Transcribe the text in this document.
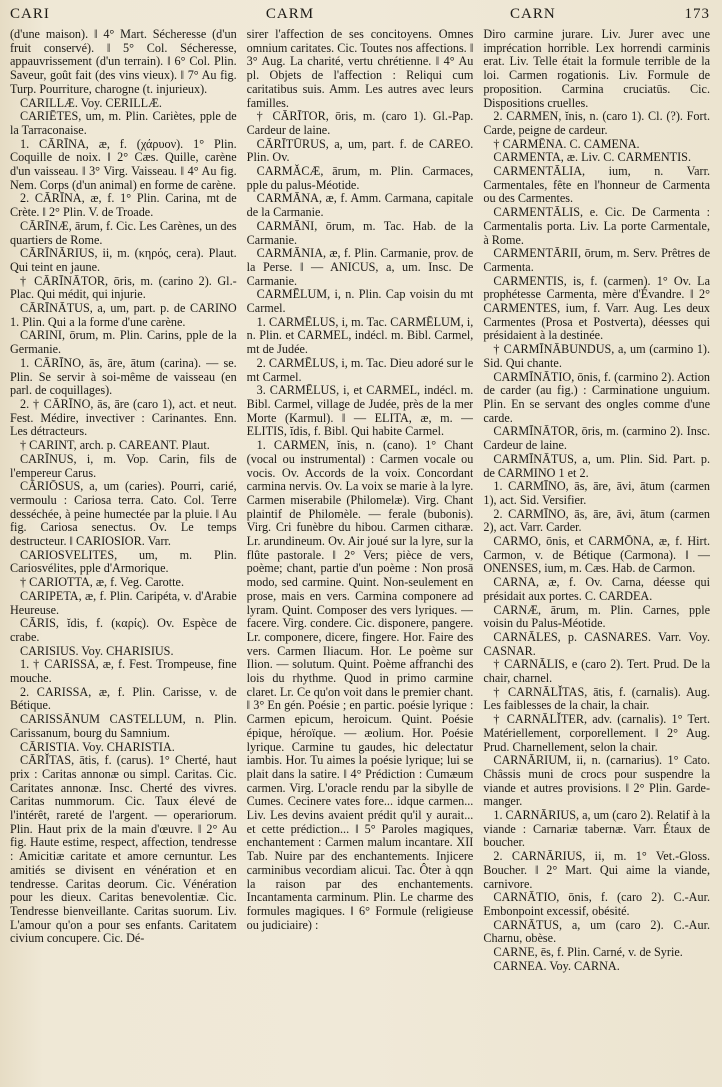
CARI	CARM	CARN	173

(d'une maison). ‖ 4° Mart. Sécheresse (d'un fruit conservé). ‖ 5° Col. Sécheresse, appauvrissement (d'un terrain). ‖ 6° Col. Plin. Saveur, goût fait (des vins vieux). ‖ 7° Au fig. Turp. Pourriture, charogne (t. injurieux).

CARILLÆ. Voy. CERILLÆ.

CARIĒTES, um, m. Plin. Cariètes, pple de la Tarraconaise.

1. CĀRĪNA, æ, f. (χάρυον). 1° Plin. Coquille de noix. ‖ 2° Cæs. Quille, carène d'un vaisseau. ‖ 3° Virg. Vaisseau. ‖ 4° Au fig. Nem. Corps (d'un animal) en forme de carène.

2. CĀRĪNA, æ, f. 1° Plin. Carina, mt de Crète. ‖ 2° Plin. V. de Troade.

CĀRĪNÆ, ārum, f. Cic. Les Carènes, un des quartiers de Rome.

CĀRĪNĀRIUS, ii, m. (κηρός, cera). Plaut. Qui teint en jaune.

† CĀRĪNĀTOR, ōris, m. (carino 2). Gl.-Plac. Qui médit, qui injurie.

CĀRĪNĀTUS, a, um, part. p. de CARINO 1. Plin. Qui a la forme d'une carène.

CARINI, ōrum, m. Plin. Carins, pple de la Germanie.

1. CĀRĪNO, ās, āre, ātum (carina). — se. Plin. Se servir à soi-même de vaisseau (en parl. de coquillages).

2. † CĀRĪNO, ās, āre (caro 1), act. et neut. Fest. Médire, invectiver : Carinantes. Enn. Les détracteurs.

† CARINT, arch. p. CAREANT. Plaut.

CARĪNUS, i, m. Vop. Carin, fils de l'empereur Carus.

CĀRIŌSUS, a, um (caries). Pourri, carié, vermoulu : Cariosa terra. Cato. Col. Terre desséchée, à peine humectée par la pluie. ‖ Au fig. Cariosa senectus. Ov. Le temps destructeur. ‖ CARIOSIOR. Varr.

CARIOSVELITES, um, m. Plin. Cariosvélites, pple d'Armorique.

† CARIOTTA, æ, f. Veg. Carotte.

CARIPETA, æ, f. Plin. Caripéta, v. d'Arabie Heureuse.

CĀRIS, ĭdis, f. (καρίς). Ov. Espèce de crabe.

CARISIUS. Voy. CHARISIUS.

1. † CARISSA, æ, f. Fest. Trompeuse, fine mouche.

2. CARISSA, æ, f. Plin. Carisse, v. de Bétique.

CARISSĀNUM CASTELLUM, n. Plin. Carissanum, bourg du Samnium.

CĀRISTIA. Voy. CHARISTIA.

CĀRĬTAS, ātis, f. (carus). 1° Cherté, haut prix : Caritas annonæ ou simpl. Caritas. Cic. Caritates annonæ. Insc. Cherté des vivres. Caritas nummorum. Cic. Taux élevé de l'intérêt, rareté de l'argent. — operariorum. Plin. Haut prix de la main d'œuvre. ‖ 2° Au fig. Haute estime, respect, affection, tendresse : Amicitiæ caritate et amore cernuntur. Les amitiés se divisent en vénération et en tendresse. Caritas deorum. Cic. Vénération pour les dieux. Caritas benevolentiæ. Cic. Tendresse bienveillante. Caritas suorum. Liv. L'amour qu'on a pour ses enfants. Caritatem civium concupere. Cic. Dé-

sirer l'affection de ses concitoyens. Omnes omnium caritates. Cic. Toutes nos affections. ‖ 3° Aug. La charité, vertu chrétienne. ‖ 4° Au pl. Objets de l'affection : Reliqui cum caritatibus suis. Amm. Les autres avec leurs familles.

† CĀRĪTOR, ōris, m. (caro 1). Gl.-Pap. Cardeur de laine.

CĀRĪTŪRUS, a, um, part. f. de CAREO. Plin. Ov.

CARMĂCÆ, ārum, m. Plin. Carmaces, pple du palus-Méotide.

CARMĀNA, æ, f. Amm. Carmana, capitale de la Carmanie.

CARMĀNI, ōrum, m. Tac. Hab. de la Carmanie.

CARMĀNIA, æ, f. Plin. Carmanie, prov. de la Perse. ‖ — ANICUS, a, um. Insc. De Carmanie.

CARMĒLUM, i, n. Plin. Cap voisin du mt Carmel.

1. CARMĒLUS, i, m. Tac. CARMĒLUM, i, n. Plin. et CARMEL, indécl. m. Bibl. Carmel, mt de Judée.

2. CARMĒLUS, i, m. Tac. Dieu adoré sur le mt Carmel.

3. CARMĒLUS, i, et CARMEL, indécl. m. Bibl. Carmel, village de Judée, près de la mer Morte (Karmul). ‖ — ELITA, æ, m. — ELITIS, ĭdis, f. Bibl. Qui habite Carmel.

1. CARMEN, ĭnis, n. (cano). 1° Chant (vocal ou instrumental) : Carmen vocale ou vocis. Ov. Accords de la voix. Concordant carmina nervis. Ov. La voix se marie à la lyre. Carmen miserabile (Philomelæ). Virg. Chant plaintif de Philomèle. — ferale (bubonis). Virg. Cri funèbre du hibou. Carmen citharæ. Lr. arundineum. Ov. Air joué sur la lyre, sur la flûte pastorale. ‖ 2° Vers; pièce de vers, poème; chant, partie d'un poème : Non prosā modo, sed carmine. Quint. Non-seulement en prose, mais en vers. Carmina componere ad lyram. Quint. Composer des vers lyriques. — facere. Virg. condere. Cic. disponere, pangere. Lr. componere, dicere, fingere. Hor. Faire des vers. Carmen Iliacum. Hor. Le poème sur Ilion. — solutum. Quint. Poème affranchi des lois du rhythme. Quod in primo carmine claret. Lr. Ce qu'on voit dans le premier chant. ‖ 3° En gén. Poésie ; en partic. poésie lyrique : Carmen epicum, heroicum. Quint. Poésie épique, héroïque. — æolium. Hor. Poésie lyrique. Carmine tu gaudes, hic delectatur iambis. Hor. Tu aimes la poésie lyrique; lui se plait dans la satire. ‖ 4° Prédiction : Cumæum carmen. Virg. L'oracle rendu par la sibylle de Cumes. Cecinere vates fore... idque carmen... Liv. Les devins avaient prédit qu'il y aurait... et cette prédiction... ‖ 5° Paroles magiques, enchantement : Carmen malum incantare. XII Tab. Nuire par des enchantements. Injicere carminibus vecordiam alicui. Tac. Ôter à qqn la raison par des enchantements. Incantamenta carminum. Plin. Le charme des formules magiques. ‖ 6° Formule (religieuse ou judiciaire) :

Diro carmine jurare. Liv. Jurer avec une imprécation horrible. Lex horrendi carminis erat. Liv. Telle était la formule terrible de la loi. Carmen rogationis. Liv. Formule de proposition. Carmina cruciatūs. Cic. Dispositions cruelles.

2. CARMEN, ĭnis, n. (caro 1). Cl. (?). Fort. Carde, peigne de cardeur.

† CARMĒNA. C. CAMENA.

CARMENTA, æ. Liv. C. CARMENTIS.

CARMENTĀLIA, ium, n. Varr. Carmentales, fête en l'honneur de Carmenta ou des Carmentes.

CARMENTĀLIS, e. Cic. De Carmenta : Carmentalis porta. Liv. La porte Carmentale, à Rome.

CARMENTĀRII, ōrum, m. Serv. Prêtres de Carmenta.

CARMENTIS, is, f. (carmen). 1° Ov. La prophétesse Carmenta, mère d'Évandre. ‖ 2° CARMENTES, ium, f. Varr. Aug. Les deux Carmentes (Prosa et Postverta), déesses qui présidaient à la destinée.

† CARMĪNĀBUNDUS, a, um (carmino 1). Sid. Qui chante.

CARMĪNĀTIO, ōnis, f. (carmino 2). Action de carder (au fig.) : Carminatione unguium. Plin. En se servant des ongles comme d'une carde.

CARMĪNĀTOR, ōris, m. (carmino 2). Insc. Cardeur de laine.

CARMĪNĀTUS, a, um. Plin. Sid. Part. p. de CARMINO 1 et 2.

1. CARMĪNO, ās, āre, āvi, ātum (carmen 1), act. Sid. Versifier.

2. CARMĪNO, ās, āre, āvi, ātum (carmen 2), act. Varr. Carder.

CARMO, ōnis, et CARMŌNA, æ, f. Hirt. Carmon, v. de Bétique (Carmona). ‖ — ONENSES, ium, m. Cæs. Hab. de Carmon.

CARNA, æ, f. Ov. Carna, déesse qui présidait aux portes. C. CARDEA.

CARNÆ, ārum, m. Plin. Carnes, pple voisin du Palus-Méotide.

CARNĀLES, p. CASNARES. Varr. Voy. CASNAR.

† CARNĀLIS, e (caro 2). Tert. Prud. De la chair, charnel.

† CARNĀLĬTAS, ātis, f. (carnalis). Aug. Les faiblesses de la chair, la chair.

† CARNĀLĬTER, adv. (carnalis). 1° Tert. Matériellement, corporellement. ‖ 2° Aug. Prud. Charnellement, selon la chair.

CARNĀRIUM, ii, n. (carnarius). 1° Cato. Châssis muni de crocs pour suspendre la viande et autres provisions. ‖ 2° Plin. Garde-manger.

1. CARNĀRIUS, a, um (caro 2). Relatif à la viande : Carnariæ tabernæ. Varr. Étaux de boucher.

2. CARNĀRIUS, ii, m. 1° Vet.-Gloss. Boucher. ‖ 2° Mart. Qui aime la viande, carnivore.

CARNĀTIO, ōnis, f. (caro 2). C.-Aur. Embonpoint excessif, obésité.

CARNĀTUS, a, um (caro 2). C.-Aur. Charnu, obèse.

CARNE, ēs, f. Plin. Carné, v. de Syrie.

CARNEA. Voy. CARNA.
